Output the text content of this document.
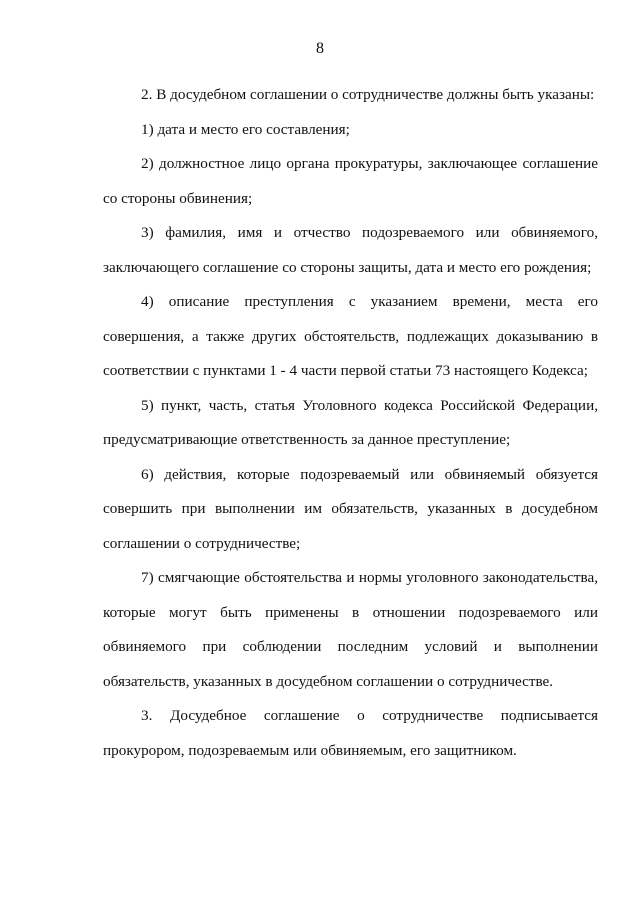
8

2. В досудебном соглашении о сотрудничестве должны быть указаны:

1) дата и место его составления;

2) должностное лицо органа прокуратуры, заключающее соглашение со стороны обвинения;

3) фамилия, имя и отчество подозреваемого или обвиняемого, заключающего соглашение со стороны защиты, дата и место его рождения;

4) описание преступления с указанием времени, места его совершения, а также других обстоятельств, подлежащих доказыванию в соответствии с пунктами 1 - 4 части первой статьи 73 настоящего Кодекса;

5) пункт, часть, статья Уголовного кодекса Российской Федерации, предусматривающие ответственность за данное преступление;

6) действия, которые подозреваемый или обвиняемый обязуется совершить при выполнении им обязательств, указанных в досудебном соглашении о сотрудничестве;

7) смягчающие обстоятельства и нормы уголовного законодательства, которые могут быть применены в отношении подозреваемого или обвиняемого при соблюдении последним условий и выполнении обязательств, указанных в досудебном соглашении о сотрудничестве.

3. Досудебное соглашение о сотрудничестве подписывается прокурором, подозреваемым или обвиняемым, его защитником.
